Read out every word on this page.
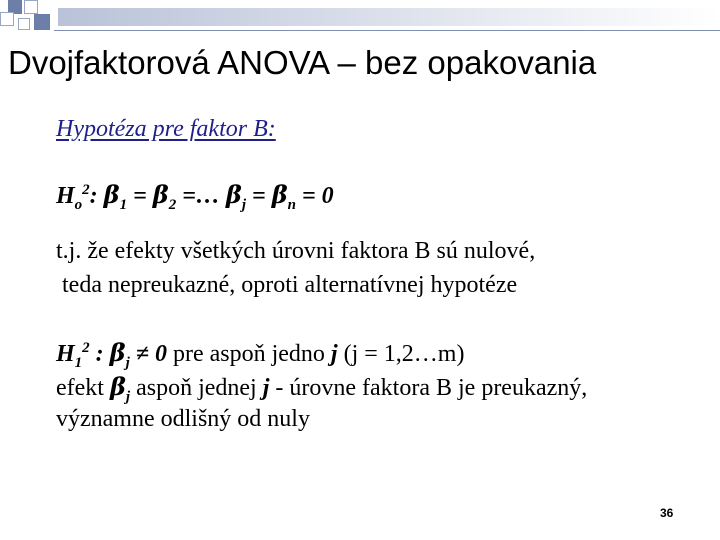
Dvojfaktorová ANOVA – bez opakovania
Hypotéza pre faktor B:
$H_o^2$: $\beta_1 = \beta_2$ =… $\beta_j = \beta_n = 0$
t.j. že efekty všetkých úrovni faktora B sú nulové,
teda nepreukazné, oproti alternatívnej hypotéze
$H_1^2$ : $\beta_j \ne 0$ pre aspoň jedno j (j = 1,2…m)
efekt $\beta_j$ aspoň jednej j - úrovne faktora B je preukazný,
významne odlišný od nuly
36
